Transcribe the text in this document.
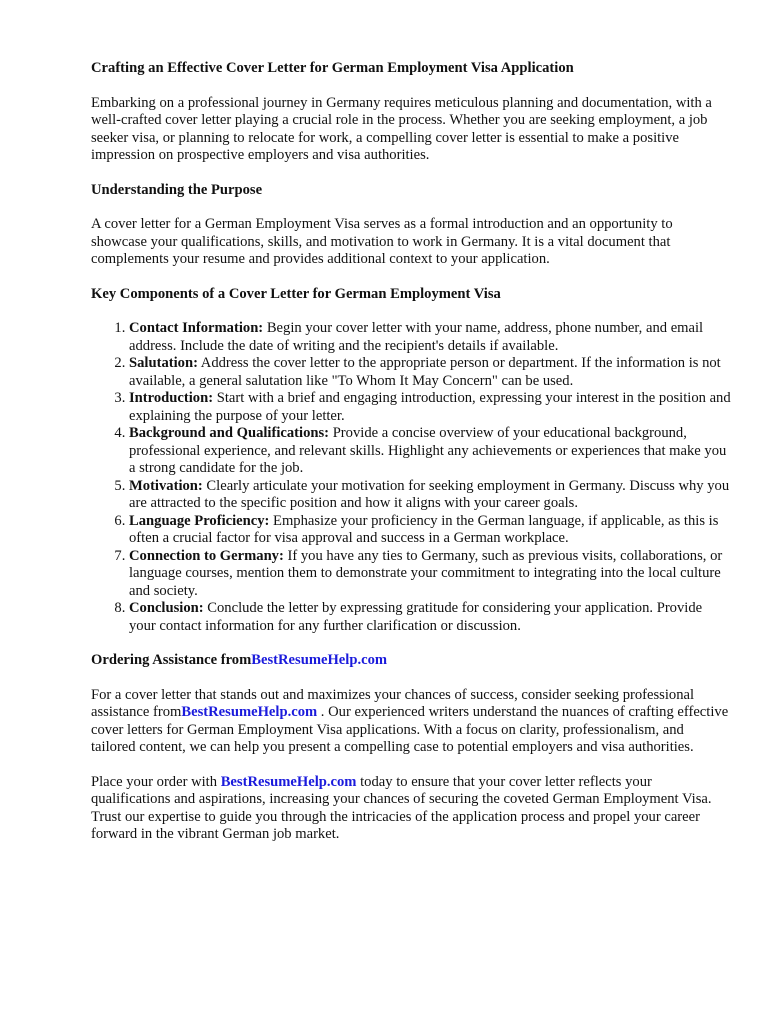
Crafting an Effective Cover Letter for German Employment Visa Application

Embarking on a professional journey in Germany requires meticulous planning and documentation, with a well-crafted cover letter playing a crucial role in the process. Whether you are seeking employment, a job seeker visa, or planning to relocate for work, a compelling cover letter is essential to make a positive impression on prospective employers and visa authorities.

Understanding the Purpose

A cover letter for a German Employment Visa serves as a formal introduction and an opportunity to showcase your qualifications, skills, and motivation to work in Germany. It is a vital document that complements your resume and provides additional context to your application.

Key Components of a Cover Letter for German Employment Visa
1. Contact Information: Begin your cover letter with your name, address, phone number, and email address. Include the date of writing and the recipient's details if available.
2. Salutation: Address the cover letter to the appropriate person or department. If the information is not available, a general salutation like "To Whom It May Concern" can be used.
3. Introduction: Start with a brief and engaging introduction, expressing your interest in the position and explaining the purpose of your letter.
4. Background and Qualifications: Provide a concise overview of your educational background, professional experience, and relevant skills. Highlight any achievements or experiences that make you a strong candidate for the job.
5. Motivation: Clearly articulate your motivation for seeking employment in Germany. Discuss why you are attracted to the specific position and how it aligns with your career goals.
6. Language Proficiency: Emphasize your proficiency in the German language, if applicable, as this is often a crucial factor for visa approval and success in a German workplace.
7. Connection to Germany: If you have any ties to Germany, such as previous visits, collaborations, or language courses, mention them to demonstrate your commitment to integrating into the local culture and society.
8. Conclusion: Conclude the letter by expressing gratitude for considering your application. Provide your contact information for any further clarification or discussion.
Ordering Assistance fromBestResumeHelp.com

For a cover letter that stands out and maximizes your chances of success, consider seeking professional assistance fromBestResumeHelp.com . Our experienced writers understand the nuances of crafting effective cover letters for German Employment Visa applications. With a focus on clarity, professionalism, and tailored content, we can help you present a compelling case to potential employers and visa authorities.

Place your order with BestResumeHelp.com today to ensure that your cover letter reflects your qualifications and aspirations, increasing your chances of securing the coveted German Employment Visa. Trust our expertise to guide you through the intricacies of the application process and propel your career forward in the vibrant German job market.
